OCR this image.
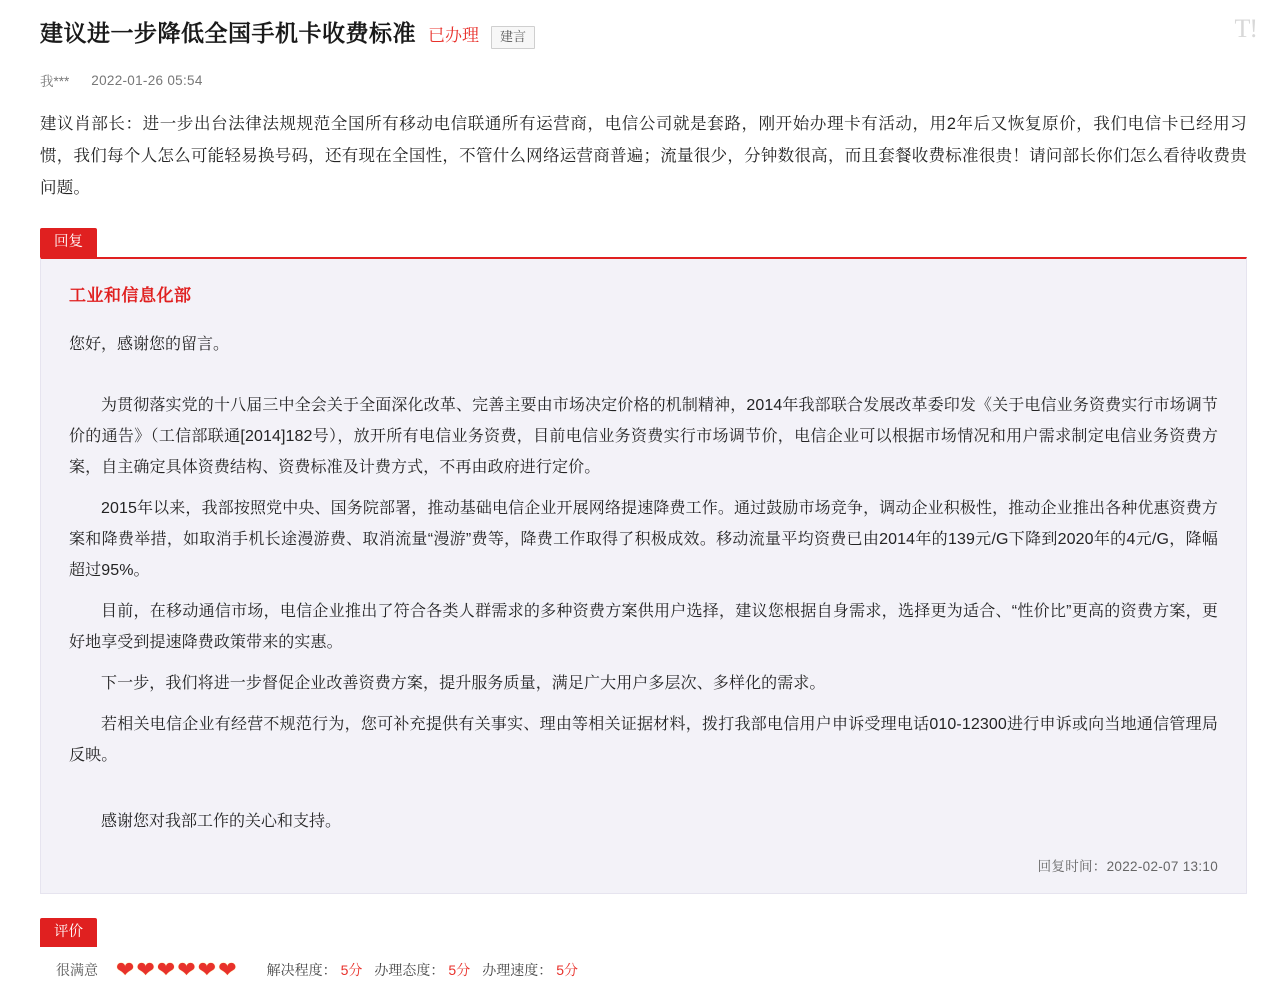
T!
建议进一步降低全国手机卡收费标准 已办理	建言
我*** 2022-01-26 05:54
建议肖部长：进一步出台法律法规规范全国所有移动电信联通所有运营商，电信公司就是套路，刚开始办理卡有活动，用2年后又恢复原价，我们电信卡已经用习惯，我们每个人怎么可能轻易换号码，还有现在全国性，不管什么网络运营商普遍；流量很少，分钟数很高，而且套餐收费标准很贵！请问部长你们怎么看待收费贵问题。
回复
工业和信息化部
您好，感谢您的留言。
为贯彻落实党的十八届三中全会关于全面深化改革、完善主要由市场决定价格的机制精神，2014年我部联合发展改革委印发《关于电信业务资费实行市场调节价的通告》（工信部联通[2014]182号），放开所有电信业务资费，目前电信业务资费实行市场调节价，电信企业可以根据市场情况和用户需求制定电信业务资费方案，自主确定具体资费结构、资费标准及计费方式，不再由政府进行定价。
2015年以来，我部按照党中央、国务院部署，推动基础电信企业开展网络提速降费工作。通过鼓励市场竞争，调动企业积极性，推动企业推出各种优惠资费方案和降费举措，如取消手机长途漫游费、取消流量“漫游”费等，降费工作取得了积极成效。移动流量平均资费已由2014年的139元/G下降到2020年的4元/G，降幅超过95%。
目前，在移动通信市场，电信企业推出了符合各类人群需求的多种资费方案供用户选择，建议您根据自身需求，选择更为适合、“性价比”更高的资费方案，更好地享受到提速降费政策带来的实惠。
下一步，我们将进一步督促企业改善资费方案，提升服务质量，满足广大用户多层次、多样化的需求。
若相关电信企业有经营不规范行为，您可补充提供有关事实、理由等相关证据材料，拨打我部电信用户申诉受理电话010-12300进行申诉或向当地通信管理局反映。
感谢您对我部工作的关心和支持。
回复时间：2022-02-07 13:10
评价
很满意 ❤ ❤ ❤ ❤ ❤ ❤ 解决程度： 5分 办理态度： 5分 办理速度： 5分
